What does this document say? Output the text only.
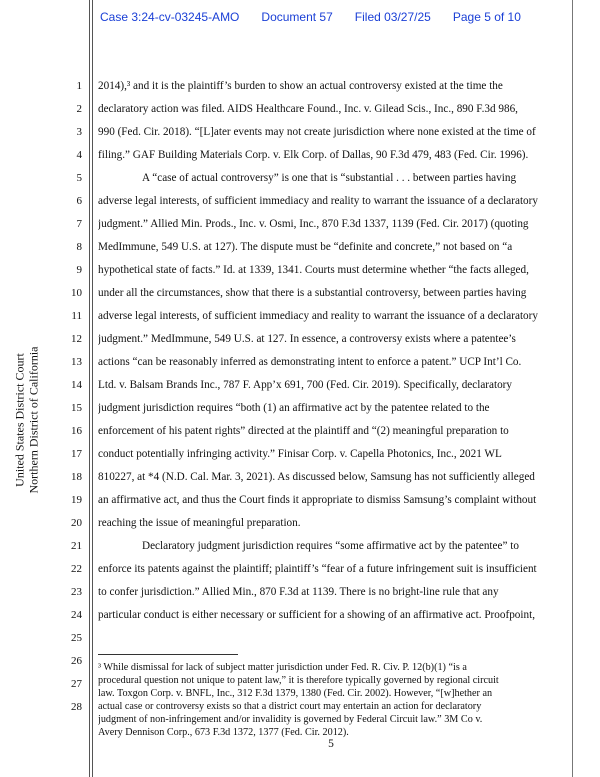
Case 3:24-cv-03245-AMO Document 57 Filed 03/27/25 Page 5 of 10
United States District Court Northern District of California
1
2
3
4
5
6
7
8
9
10
11
12
13
14
15
16
17
18
19
20
21
22
23
24
25
26
27
28
2014),³ and it is the plaintiff’s burden to show an actual controversy existed at the time the
declaratory action was filed. AIDS Healthcare Found., Inc. v. Gilead Scis., Inc., 890 F.3d 986,
990 (Fed. Cir. 2018). “[L]ater events may not create jurisdiction where none existed at the time of
filing.” GAF Building Materials Corp. v. Elk Corp. of Dallas, 90 F.3d 479, 483 (Fed. Cir. 1996).
A “case of actual controversy” is one that is “substantial . . . between parties having
adverse legal interests, of sufficient immediacy and reality to warrant the issuance of a declaratory
judgment.” Allied Min. Prods., Inc. v. Osmi, Inc., 870 F.3d 1337, 1139 (Fed. Cir. 2017) (quoting
MedImmune, 549 U.S. at 127). The dispute must be “definite and concrete,” not based on “a
hypothetical state of facts.” Id. at 1339, 1341. Courts must determine whether “the facts alleged,
under all the circumstances, show that there is a substantial controversy, between parties having
adverse legal interests, of sufficient immediacy and reality to warrant the issuance of a declaratory
judgment.” MedImmune, 549 U.S. at 127. In essence, a controversy exists where a patentee’s
actions “can be reasonably inferred as demonstrating intent to enforce a patent.” UCP Int’l Co.
Ltd. v. Balsam Brands Inc., 787 F. App’x 691, 700 (Fed. Cir. 2019). Specifically, declaratory
judgment jurisdiction requires “both (1) an affirmative act by the patentee related to the
enforcement of his patent rights” directed at the plaintiff and “(2) meaningful preparation to
conduct potentially infringing activity.” Finisar Corp. v. Capella Photonics, Inc., 2021 WL
810227, at *4 (N.D. Cal. Mar. 3, 2021). As discussed below, Samsung has not sufficiently alleged
an affirmative act, and thus the Court finds it appropriate to dismiss Samsung’s complaint without
reaching the issue of meaningful preparation.
Declaratory judgment jurisdiction requires “some affirmative act by the patentee” to
enforce its patents against the plaintiff; plaintiff’s “fear of a future infringement suit is insufficient
to confer jurisdiction.” Allied Min., 870 F.3d at 1139. There is no bright-line rule that any
particular conduct is either necessary or sufficient for a showing of an affirmative act. Proofpoint,
³ While dismissal for lack of subject matter jurisdiction under Fed. R. Civ. P. 12(b)(1) “is a
procedural question not unique to patent law,” it is therefore typically governed by regional circuit
law. Toxgon Corp. v. BNFL, Inc., 312 F.3d 1379, 1380 (Fed. Cir. 2002). However, “[w]hether an
actual case or controversy exists so that a district court may entertain an action for declaratory
judgment of non-infringement and/or invalidity is governed by Federal Circuit law.” 3M Co v.
Avery Dennison Corp., 673 F.3d 1372, 1377 (Fed. Cir. 2012).
5
